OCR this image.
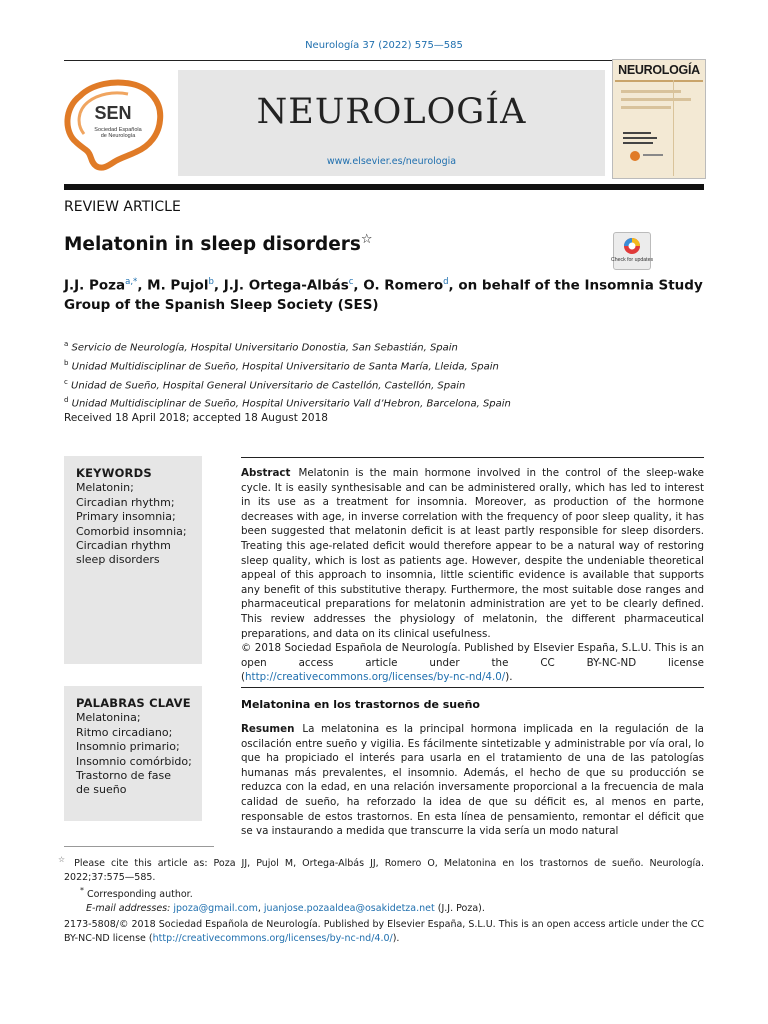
Neurología 37 (2022) 575—585
SEN
Sociedad Española
de Neurología
NEUROLOGÍA
www.elsevier.es/neurologia
NEUROLOGÍA
REVIEW ARTICLE
Melatonin in sleep disorders☆
Check for updates
J.J. Poza$^{a,*}$, M. Pujol$^b$, J.J. Ortega-Albás$^c$, O. Romero$^d$, on behalf of the Insomnia Study Group of the Spanish Sleep Society (SES)
$^a$ Servicio de Neurología, Hospital Universitario Donostia, San Sebastián, Spain
$^b$ Unidad Multidisciplinar de Sueño, Hospital Universitario de Santa María, Lleida, Spain
$^c$ Unidad de Sueño, Hospital General Universitario de Castellón, Castellón, Spain
$^d$ Unidad Multidisciplinar de Sueño, Hospital Universitario Vall d’Hebron, Barcelona, Spain
Received 18 April 2018; accepted 18 August 2018
KEYWORDS
Melatonin;
Circadian rhythm;
Primary insomnia;
Comorbid insomnia;
Circadian rhythm sleep disorders
Abstract Melatonin is the main hormone involved in the control of the sleep-wake cycle. It is easily synthesisable and can be administered orally, which has led to interest in its use as a treatment for insomnia. Moreover, as production of the hormone decreases with age, in inverse correlation with the frequency of poor sleep quality, it has been suggested that melatonin deficit is at least partly responsible for sleep disorders. Treating this age-related deficit would therefore appear to be a natural way of restoring sleep quality, which is lost as patients age. However, despite the undeniable theoretical appeal of this approach to insomnia, little scientific evidence is available that supports any benefit of this substitutive therapy. Furthermore, the most suitable dose ranges and pharmaceutical preparations for melatonin administration are yet to be clearly defined. This review addresses the physiology of melatonin, the different pharmaceutical preparations, and data on its clinical usefulness.
© 2018 Sociedad Española de Neurología. Published by Elsevier España, S.L.U. This is an open access article under the CC BY-NC-ND license (http://creativecommons.org/licenses/by-nc-nd/4.0/).
PALABRAS CLAVE
Melatonina;
Ritmo circadiano;
Insomnio primario;
Insomnio comórbido;
Trastorno de fase de sueño
Melatonina en los trastornos de sueño
Resumen La melatonina es la principal hormona implicada en la regulación de la oscilación entre sueño y vigilia. Es fácilmente sintetizable y administrable por vía oral, lo que ha propiciado el interés para usarla en el tratamiento de una de las patologías humanas más prevalentes, el insomnio. Además, el hecho de que su producción se reduzca con la edad, en una relación inversamente proporcional a la frecuencia de mala calidad de sueño, ha reforzado la idea de que su déficit es, al menos en parte, responsable de estos trastornos. En esta línea de pensamiento, remontar el déficit que se va instaurando a medida que transcurre la vida sería un modo natural
☆ Please cite this article as: Poza JJ, Pujol M, Ortega-Albás JJ, Romero O, Melatonina en los trastornos de sueño. Neurología. 2022;37:575—585.
* Corresponding author.
E-mail addresses: jpoza@gmail.com, juanjose.pozaaldea@osakidetza.net (J.J. Poza).
2173-5808/© 2018 Sociedad Española de Neurología. Published by Elsevier España, S.L.U. This is an open access article under the CC BY-NC-ND license (http://creativecommons.org/licenses/by-nc-nd/4.0/).
